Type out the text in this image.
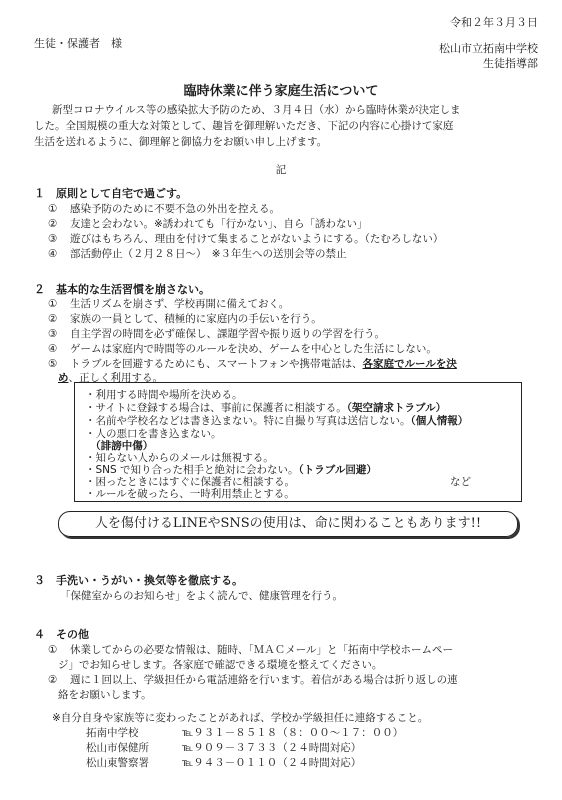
令和２年３月３日
生徒・保護者　様	松山市立拓南中学校
生徒指導部
臨時休業に伴う家庭生活について
新型コロナウイルス等の感染拡大予防のため、３月４日（水）から臨時休業が決定しま
した。全国規模の重大な対策として、趣旨を御理解いただき、下記の内容に心掛けて家庭
生活を送れるように、御理解と御協力をお願い申し上げます。
記
１　原則として自宅で過ごす。
① 感染予防のために不要不急の外出を控える。
② 友達と会わない。※誘われても「行かない」、自ら「誘わない」
③ 遊びはもちろん、理由を付けて集まることがないようにする。（たむろしない）
④ 部活動停止（２月２８日～）　※３年生への送別会等の禁止
２　基本的な生活習慣を崩さない。
① 生活リズムを崩さず、学校再開に備えておく。
② 家族の一員として、積極的に家庭内の手伝いを行う。
③ 自主学習の時間を必ず確保し、課題学習や振り返りの学習を行う。
④ ゲームは家庭内で時間等のルールを決め、ゲームを中心とした生活にしない。
⑤ トラブルを回避するためにも、スマートフォンや携帯電話は、各家庭でルールを決
め、正しく利用する。
・利用する時間や場所を決める。
・サイトに登録する場合は、事前に保護者に相談する。（架空請求トラブル）
・名前や学校名などは書き込まない。特に自撮り写真は送信しない。（個人情報）
・人の悪口を書き込まない。
　（誹謗中傷）
・知らない人からのメールは無視する。
・SNS で知り合った相手と絶対に会わない。（トラブル回避）
・困ったときにはすぐに保護者に相談する。
・ルールを破ったら、一時利用禁止とする。
など
人を傷付けるLINEやSNSの使用は、命に関わることもあります!!
３　手洗い・うがい・換気等を徹底する。
「保健室からのお知らせ」をよく読んで、健康管理を行う。
４　その他
① 休業してからの必要な情報は、随時、「ＭＡＣメール」と「拓南中学校ホームペー
ジ」でお知らせします。各家庭で確認できる環境を整えてください。
② 週に１回以上、学級担任から電話連絡を行います。着信がある場合は折り返しの連
絡をお願いします。
※自分自身や家族等に変わったことがあれば、学校か学級担任に連絡すること。
拓南中学校	℡９３１－８５１８（８：００～１７：００）
松山市保健所	℡９０９－３７３３（２４時間対応）
松山東警察署	℡９４３－０１１０（２４時間対応）
